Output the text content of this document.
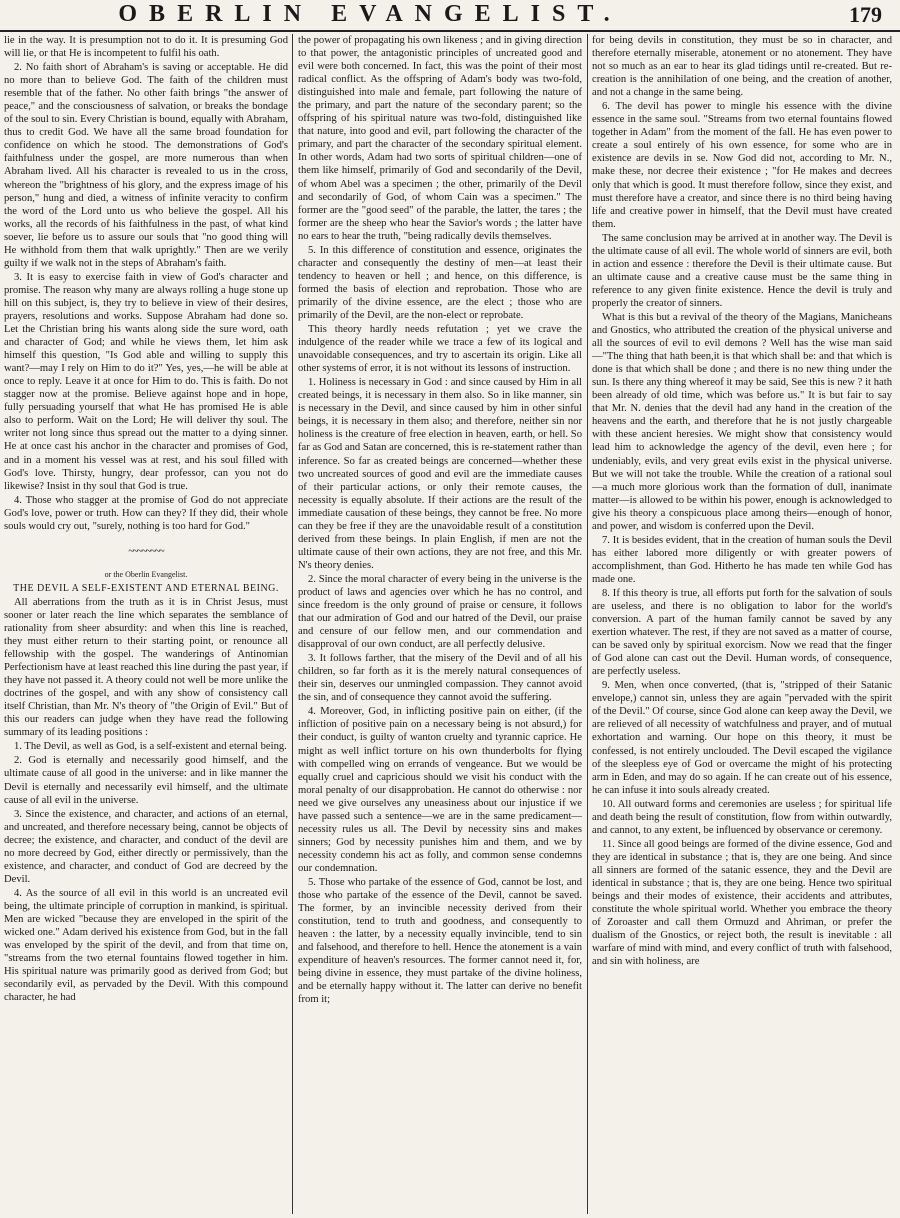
OBERLIN EVANGELIST.	179

lie in the way. It is presumption not to do it. It is presuming God will lie, or that He is incompetent to fulfil his oath.

2. No faith short of Abraham's is saving or acceptable. He did no more than to believe God. The faith of the children must resemble that of the father. No other faith brings "the answer of peace," and the consciousness of salvation, or breaks the bondage of the soul to sin. Every Christian is bound, equally with Abraham, thus to credit God. We have all the same broad foundation for confidence on which he stood. The demonstrations of God's faithfulness under the gospel, are more numerous than when Abraham lived. All his character is revealed to us in the cross, whereon the "brightness of his glory, and the express image of his person," hung and died, a witness of infinite veracity to confirm the word of the Lord unto us who believe the gospel. All his works, all the records of his faithfulness in the past, of what kind soever, lie before us to assure our souls that "no good thing will He withhold from them that walk uprightly." Then are we verily guilty if we walk not in the steps of Abraham's faith.

3. It is easy to exercise faith in view of God's character and promise. The reason why many are always rolling a huge stone up hill on this subject, is, they try to believe in view of their desires, prayers, resolutions and works. Suppose Abraham had done so. Let the Christian bring his wants along side the sure word, oath and character of God; and while he views them, let him ask himself this question, "Is God able and willing to supply this want?—may I rely on Him to do it?" Yes, yes,—he will be able at once to reply. Leave it at once for Him to do. This is faith. Do not stagger now at the promise. Believe against hope and in hope, fully persuading yourself that what He has promised He is able also to perform. Wait on the Lord; He will deliver thy soul. The writer not long since thus spread out the matter to a dying sinner. He at once cast his anchor in the character and promises of God, and in a moment his vessel was at rest, and his soul filled with God's love. Thirsty, hungry, dear professor, can you not do likewise? Insist in thy soul that God is true.

4. Those who stagger at the promise of God do not appreciate God's love, power or truth. How can they? If they did, their whole souls would cry out, "surely, nothing is too hard for God."

~~~~~~~~

or the Oberlin Evangelist.

THE DEVIL A SELF-EXISTENT AND ETERNAL BEING.

All aberrations from the truth as it is in Christ Jesus, must sooner or later reach the line which separates the semblance of rationality from sheer absurdity: and when this line is reached, they must either return to their starting point, or renounce all fellowship with the gospel. The wanderings of Antinomian Perfectionism have at least reached this line during the past year, if they have not passed it. A theory could not well be more unlike the doctrines of the gospel, and with any show of consistency call itself Christian, than Mr. N's theory of "the Origin of Evil." But of this our readers can judge when they have read the following summary of its leading positions :

1. The Devil, as well as God, is a self-existent and eternal being.

2. God is eternally and necessarily good himself, and the ultimate cause of all good in the universe: and in like manner the Devil is eternally and necessarily evil himself, and the ultimate cause of all evil in the universe.

3. Since the existence, and character, and actions of an eternal, and uncreated, and therefore necessary being, cannot be objects of decree; the existence, and character, and conduct of the devil are no more decreed by God, either directly or permissively, than the existence, and character, and conduct of God are decreed by the Devil.

4. As the source of all evil in this world is an uncreated evil being, the ultimate principle of corruption in mankind, is spiritual. Men are wicked "because they are enveloped in the spirit of the wicked one." Adam derived his existence from God, but in the fall was enveloped by the spirit of the devil, and from that time on, "streams from the two eternal fountains flowed together in him. His spiritual nature was primarily good as derived from God; but secondarily evil, as pervaded by the Devil. With this compound character, he had

the power of propagating his own likeness ; and in giving direction to that power, the antagonistic principles of uncreated good and evil were both concerned. In fact, this was the point of their most radical conflict. As the offspring of Adam's body was two-fold, distinguished into male and female, part following the nature of the primary, and part the nature of the secondary parent; so the offspring of his spiritual nature was two-fold, distinguished like that nature, into good and evil, part following the character of the primary, and part the character of the secondary spiritual element. In other words, Adam had two sorts of spiritual children—one of them like himself, primarily of God and secondarily of the Devil, of whom Abel was a specimen ; the other, primarily of the Devil and secondarily of God, of whom Cain was a specimen." The former are the "good seed" of the parable, the latter, the tares ; the former are the sheep who hear the Savior's words ; the latter have no ears to hear the truth, "being radically devils themselves.

5. In this difference of constitution and essence, originates the character and consequently the destiny of men—at least their tendency to heaven or hell ; and hence, on this difference, is formed the basis of election and reprobation. Those who are primarily of the divine essence, are the elect ; those who are primarily of the Devil, are the non-elect or reprobate.

This theory hardly needs refutation ; yet we crave the indulgence of the reader while we trace a few of its logical and unavoidable consequences, and try to ascertain its origin. Like all other systems of error, it is not without its lessons of instruction.

1. Holiness is necessary in God : and since caused by Him in all created beings, it is necessary in them also. So in like manner, sin is necessary in the Devil, and since caused by him in other sinful beings, it is necessary in them also; and therefore, neither sin nor holiness is the creature of free election in heaven, earth, or hell. So far as God and Satan are concerned, this is re-statement rather than inference. So far as created beings are concerned—whether these two uncreated sources of good and evil are the immediate causes of their particular actions, or only their remote causes, the necessity is equally absolute. If their actions are the result of the immediate causation of these beings, they cannot be free. No more can they be free if they are the unavoidable result of a constitution derived from these beings. In plain English, if men are not the ultimate cause of their own actions, they are not free, and this Mr. N's theory denies.

2. Since the moral character of every being in the universe is the product of laws and agencies over which he has no control, and since freedom is the only ground of praise or censure, it follows that our admiration of God and our hatred of the Devil, our praise and censure of our fellow men, and our commendation and disapproval of our own conduct, are all perfectly delusive.

3. It follows farther, that the misery of the Devil and of all his children, so far forth as it is the merely natural consequences of their sin, deserves our unmingled compassion. They cannot avoid the sin, and of consequence they cannot avoid the suffering.

4. Moreover, God, in inflicting positive pain on either, (if the infliction of positive pain on a necessary being is not absurd,) for their conduct, is guilty of wanton cruelty and tyrannic caprice. He might as well inflict torture on his own thunderbolts for flying with compelled wing on errands of vengeance. But we would be equally cruel and capricious should we visit his conduct with the moral penalty of our disapprobation. He cannot do otherwise : nor need we give ourselves any uneasiness about our injustice if we have passed such a sentence—we are in the same predicament—necessity rules us all. The Devil by necessity sins and makes sinners; God by necessity punishes him and them, and we by necessity condemn his act as folly, and common sense condemns our condemnation.

5. Those who partake of the essence of God, cannot be lost, and those who partake of the essence of the Devil, cannot be saved. The former, by an invincible necessity derived from their constitution, tend to truth and goodness, and consequently to heaven : the latter, by a necessity equally invincible, tend to sin and falsehood, and therefore to hell. Hence the atonement is a vain expenditure of heaven's resources. The former cannot need it, for, being divine in essence, they must partake of the divine holiness, and be eternally happy without it. The latter can derive no benefit from it;

for being devils in constitution, they must be so in character, and therefore eternally miserable, atonement or no atonement. They have not so much as an ear to hear its glad tidings until re-created. But re-creation is the annihilation of one being, and the creation of another, and not a change in the same being.

6. The devil has power to mingle his essence with the divine essence in the same soul. "Streams from two eternal fountains flowed together in Adam" from the moment of the fall. He has even power to create a soul entirely of his own essence, for some who are in existence are devils in se. Now God did not, according to Mr. N., make these, nor decree their existence ; "for He makes and decrees only that which is good. It must therefore follow, since they exist, and must therefore have a creator, and since there is no third being having life and creative power in himself, that the Devil must have created them.

The same conclusion may be arrived at in another way. The Devil is the ultimate cause of all evil. The whole world of sinners are evil, both in action and essence : therefore the Devil is their ultimate cause. But an ultimate cause and a creative cause must be the same thing in reference to any given finite existence. Hence the devil is truly and properly the creator of sinners.

What is this but a revival of the theory of the Magians, Manicheans and Gnostics, who attributed the creation of the physical universe and all the sources of evil to evil demons ? Well has the wise man said—"The thing that hath been,it is that which shall be: and that which is done is that which shall be done ; and there is no new thing under the sun. Is there any thing whereof it may be said, See this is new ? it hath been already of old time, which was before us." It is but fair to say that Mr. N. denies that the devil had any hand in the creation of the heavens and the earth, and therefore that he is not justly chargeable with these ancient heresies. We might show that consistency would lead him to acknowledge the agency of the devil, even here ; for undeniably, evils, and very great evils exist in the physical universe. But we will not take the trouble. While the creation of a rational soul—a much more glorious work than the formation of dull, inanimate matter—is allowed to be within his power, enough is acknowledged to give his theory a conspicuous place among theirs—enough of honor, and power, and wisdom is conferred upon the Devil.

7. It is besides evident, that in the creation of human souls the Devil has either labored more diligently or with greater powers of accomplishment, than God. Hitherto he has made ten while God has made one.

8. If this theory is true, all efforts put forth for the salvation of souls are useless, and there is no obligation to labor for the world's conversion. A part of the human family cannot be saved by any exertion whatever. The rest, if they are not saved as a matter of course, can be saved only by spiritual exorcism. Now we read that the finger of God alone can cast out the Devil. Human words, of consequence, are perfectly useless.

9. Men, when once converted, (that is, "stripped of their Satanic envelope,) cannot sin, unless they are again "pervaded with the spirit of the Devil." Of course, since God alone can keep away the Devil, we are relieved of all necessity of watchfulness and prayer, and of mutual exhortation and warning. Our hope on this theory, it must be confessed, is not entirely unclouded. The Devil escaped the vigilance of the sleepless eye of God or overcame the might of his protecting arm in Eden, and may do so again. If he can create out of his essence, he can infuse it into souls already created.

10. All outward forms and ceremonies are useless ; for spiritual life and death being the result of constitution, flow from within outwardly, and cannot, to any extent, be influenced by observance or ceremony.

11. Since all good beings are formed of the divine essence, God and they are identical in substance ; that is, they are one being. And since all sinners are formed of the satanic essence, they and the Devil are identical in substance ; that is, they are one being. Hence two spiritual beings and their modes of existence, their accidents and attributes, constitute the whole spiritual world. Whether you embrace the theory of Zoroaster and call them Ormuzd and Ahriman, or prefer the dualism of the Gnostics, or reject both, the result is inevitable : all warfare of mind with mind, and every conflict of truth with falsehood, and sin with holiness, are
